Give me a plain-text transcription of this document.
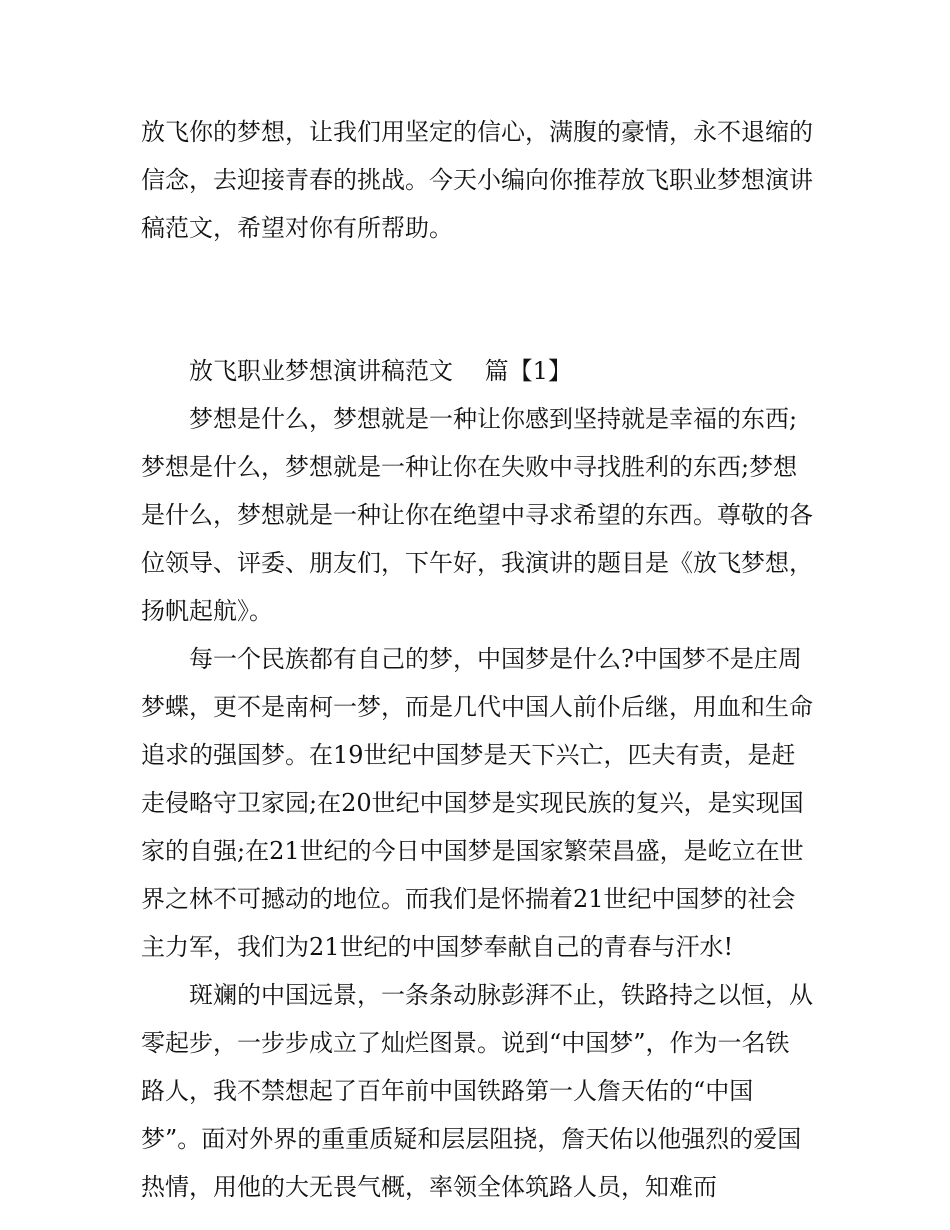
放飞你的梦想，让我们用坚定的信心，满腹的豪情，永不退缩的信念，去迎接青春的挑战。今天小编向你推荐放飞职业梦想演讲稿范文，希望对你有所帮助。

放飞职业梦想演讲稿范文　 篇【1】

梦想是什么，梦想就是一种让你感到坚持就是幸福的东西;梦想是什么，梦想就是一种让你在失败中寻找胜利的东西;梦想是什么，梦想就是一种让你在绝望中寻求希望的东西。尊敬的各位领导、评委、朋友们，下午好，我演讲的题目是《放飞梦想，扬帆起航》。

每一个民族都有自己的梦，中国梦是什么?中国梦不是庄周梦蝶，更不是南柯一梦，而是几代中国人前仆后继，用血和生命追求的强国梦。在19世纪中国梦是天下兴亡，匹夫有责，是赶走侵略守卫家园;在20世纪中国梦是实现民族的复兴，是实现国家的自强;在21世纪的今日中国梦是国家繁荣昌盛，是屹立在世界之林不可撼动的地位。而我们是怀揣着21世纪中国梦的社会主力军，我们为21世纪的中国梦奉献自己的青春与汗水!

斑斓的中国远景，一条条动脉彭湃不止，铁路持之以恒，从零起步，一步步成立了灿烂图景。说到“中国梦”，作为一名铁路人，我不禁想起了百年前中国铁路第一人詹天佑的“中国梦”。面对外界的重重质疑和层层阻挠，詹天佑以他强烈的爱国热情，用他的大无畏气概，率领全体筑路人员，知难而
